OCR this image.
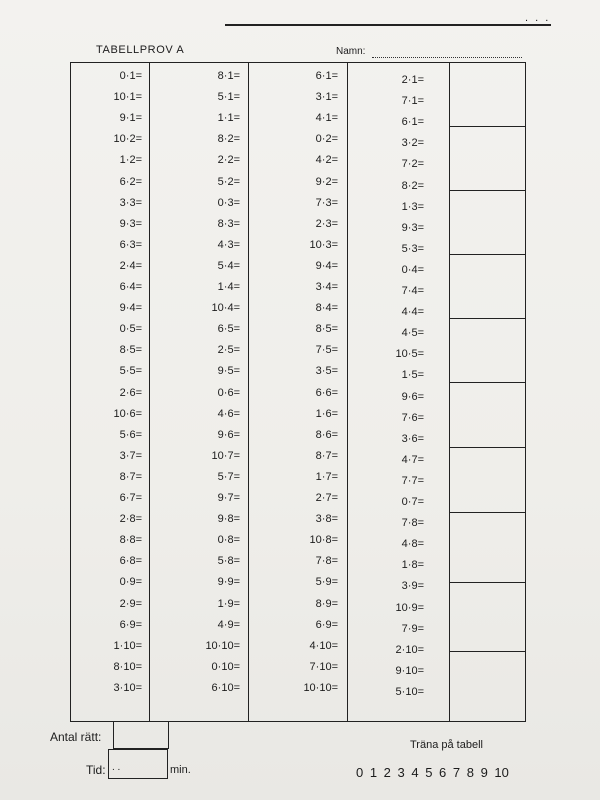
. . .
TABELLPROV A	Namn:
0·1=
10·1=
9·1=
10·2=
1·2=
6·2=
3·3=
9·3=
6·3=
2·4=
6·4=
9·4=
0·5=
8·5=
5·5=
2·6=
10·6=
5·6=
3·7=
8·7=
6·7=
2·8=
8·8=
6·8=
0·9=
2·9=
6·9=
1·10=
8·10=
3·10=
8·1=
5·1=
1·1=
8·2=
2·2=
5·2=
0·3=
8·3=
4·3=
5·4=
1·4=
10·4=
6·5=
2·5=
9·5=
0·6=
4·6=
9·6=
10·7=
5·7=
9·7=
9·8=
0·8=
5·8=
9·9=
1·9=
4·9=
10·10=
0·10=
6·10=
6·1=
3·1=
4·1=
0·2=
4·2=
9·2=
7·3=
2·3=
10·3=
9·4=
3·4=
8·4=
8·5=
7·5=
3·5=
6·6=
1·6=
8·6=
8·7=
1·7=
2·7=
3·8=
10·8=
7·8=
5·9=
8·9=
6·9=
4·10=
7·10=
10·10=
2·1=
7·1=
6·1=
3·2=
7·2=
8·2=
1·3=
9·3=
5·3=
0·4=
7·4=
4·4=
4·5=
10·5=
1·5=
9·6=
7·6=
3·6=
4·7=
7·7=
0·7=
7·8=
4·8=
1·8=
3·9=
10·9=
7·9=
2·10=
9·10=
5·10=
Antal rätt:
Tid: . .	min.
Träna på tabell
0 1 2 3 4 5 6 7 8 9 10
